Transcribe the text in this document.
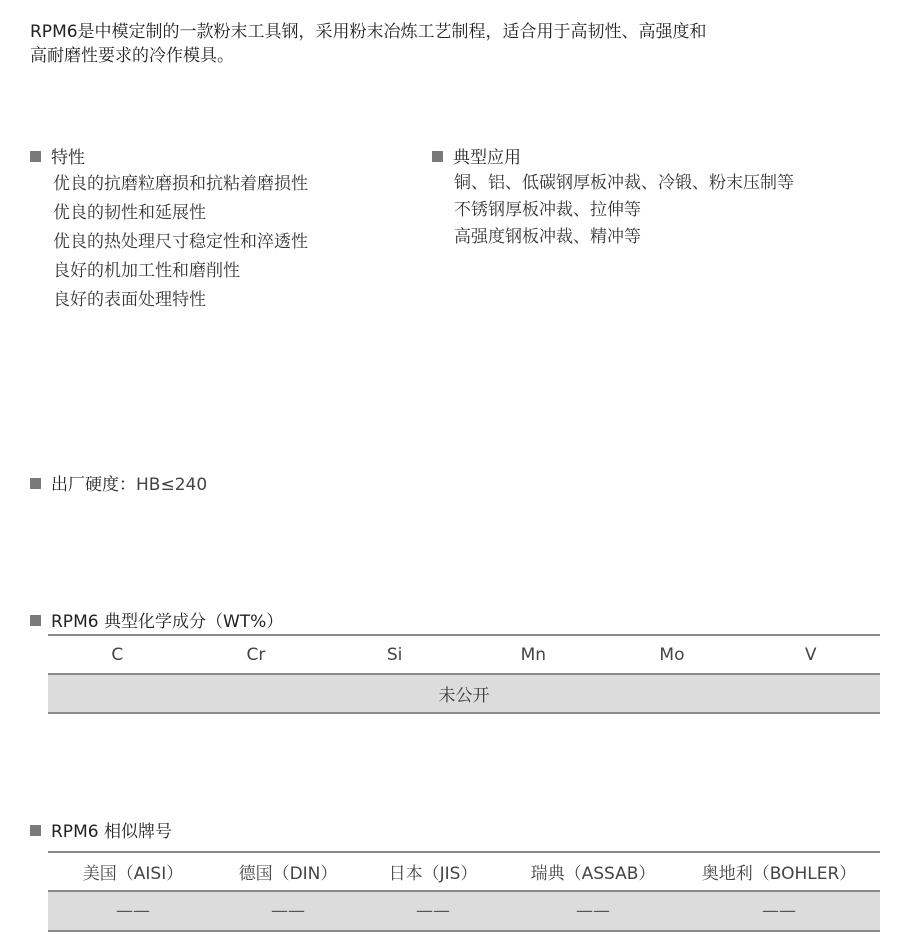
RPM6是中模定制的一款粉末工具钢，采用粉末冶炼工艺制程，适合用于高韧性、高强度和
高耐磨性要求的冷作模具。
特性
优良的抗磨粒磨损和抗粘着磨损性
优良的韧性和延展性
优良的热处理尺寸稳定性和淬透性
良好的机加工性和磨削性
良好的表面处理特性
典型应用
铜、铝、低碳钢厚板冲裁、冷锻、粉末压制等
不锈钢厚板冲裁、拉伸等
高强度钢板冲裁、精冲等
出厂硬度：HB≤240
RPM6 典型化学成分（WT%）
C	Cr	Si	Mn	Mo	V
未公开
RPM6 相似牌号
美国（AISI）	德国（DIN）	日本（JIS）	瑞典（ASSAB）	奥地利（BOHLER）
——	——	——	——	——
